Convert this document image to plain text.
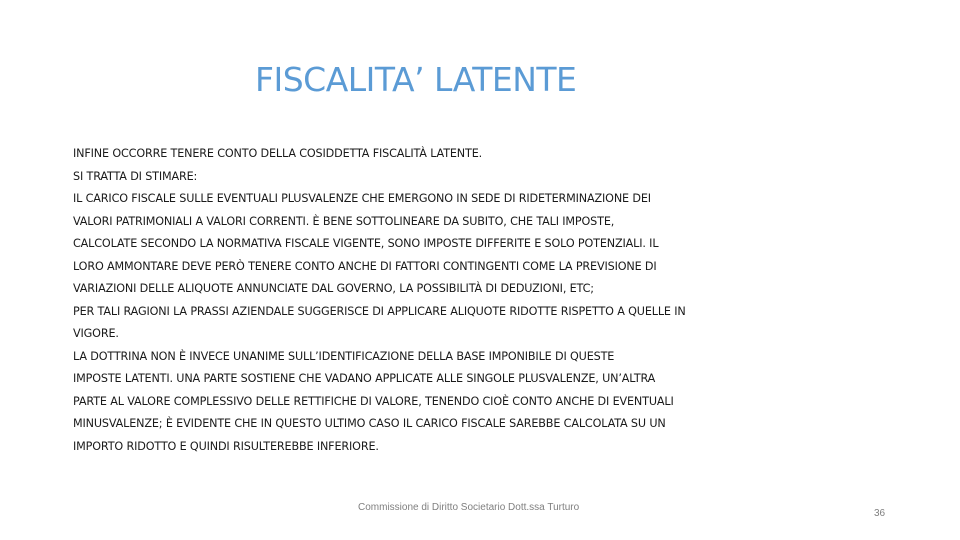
FISCALITA’ LATENTE
INFINE OCCORRE TENERE CONTO DELLA COSIDDETTA FISCALITÀ LATENTE.
SI TRATTA DI STIMARE:
IL CARICO FISCALE SULLE EVENTUALI PLUSVALENZE CHE EMERGONO IN SEDE DI RIDETERMINAZIONE DEI
VALORI PATRIMONIALI A VALORI CORRENTI. È BENE SOTTOLINEARE DA SUBITO, CHE TALI IMPOSTE,
CALCOLATE SECONDO LA NORMATIVA FISCALE VIGENTE, SONO IMPOSTE DIFFERITE E SOLO POTENZIALI. IL
LORO AMMONTARE DEVE PERÒ TENERE CONTO ANCHE DI FATTORI CONTINGENTI COME LA PREVISIONE DI
VARIAZIONI DELLE ALIQUOTE ANNUNCIATE DAL GOVERNO, LA POSSIBILITÀ DI DEDUZIONI, ETC;
PER TALI RAGIONI LA PRASSI AZIENDALE SUGGERISCE DI APPLICARE ALIQUOTE RIDOTTE RISPETTO A QUELLE IN
VIGORE.
LA DOTTRINA NON È INVECE UNANIME SULL’IDENTIFICAZIONE DELLA BASE IMPONIBILE DI QUESTE
IMPOSTE LATENTI. UNA PARTE SOSTIENE CHE VADANO APPLICATE ALLE SINGOLE PLUSVALENZE, UN’ALTRA
PARTE AL VALORE COMPLESSIVO DELLE RETTIFICHE DI VALORE, TENENDO CIOÈ CONTO ANCHE DI EVENTUALI
MINUSVALENZE; È EVIDENTE CHE IN QUESTO ULTIMO CASO IL CARICO FISCALE SAREBBE CALCOLATA SU UN
IMPORTO RIDOTTO E QUINDI RISULTEREBBE INFERIORE.
Commissione di Diritto Societario Dott.ssa Turturo
36
